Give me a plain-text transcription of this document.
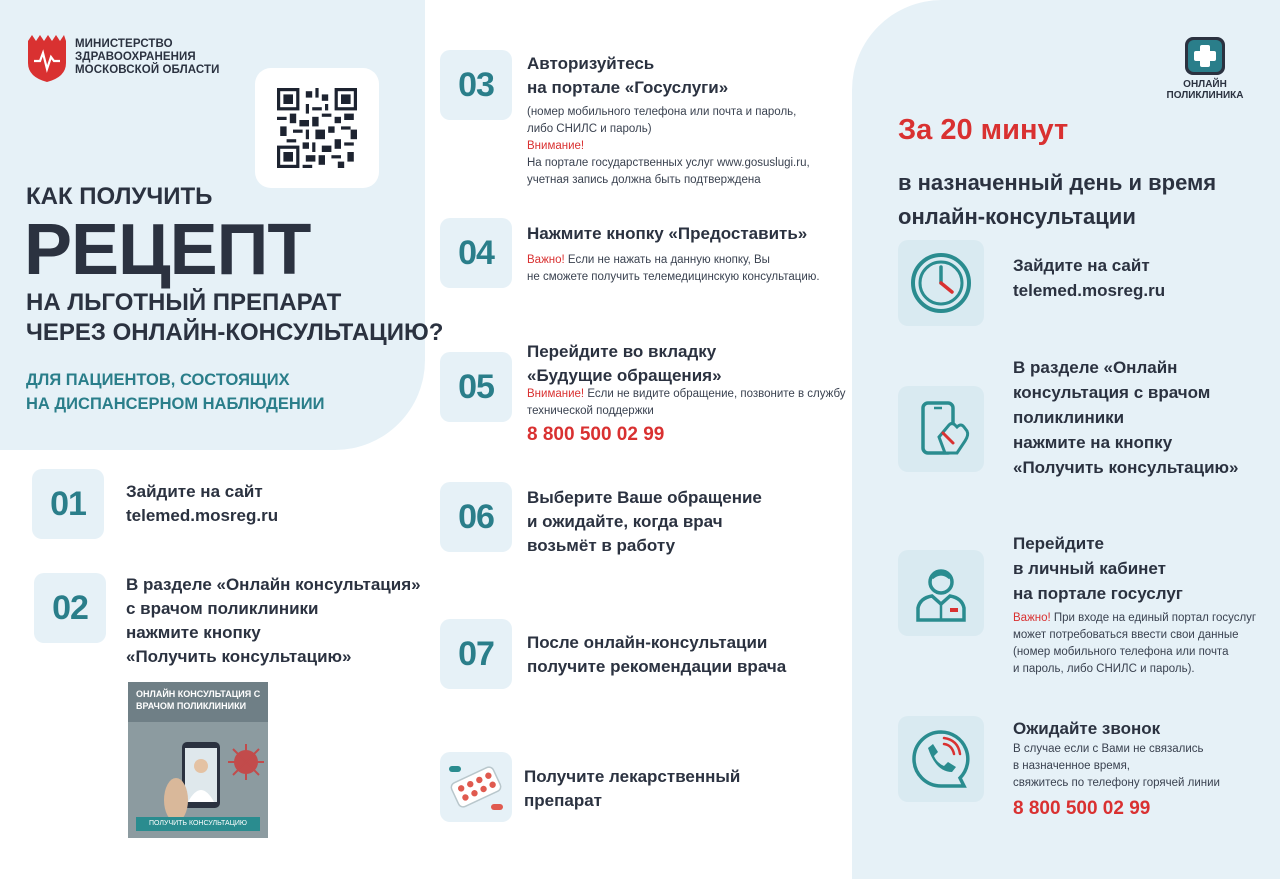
МИНИСТЕРСТВО
ЗДРАВООХРАНЕНИЯ
МОСКОВСКОЙ ОБЛАСТИ
КАК ПОЛУЧИТЬ
РЕЦЕПТ
НА ЛЬГОТНЫЙ ПРЕПАРАТ
ЧЕРЕЗ ОНЛАЙН-КОНСУЛЬТАЦИЮ?
ДЛЯ ПАЦИЕНТОВ, СОСТОЯЩИХ
НА ДИСПАНСЕРНОМ НАБЛЮДЕНИИ
01	Зайдите на сайт
telemed.mosreg.ru
02
В разделе «Онлайн консультация»
с врачом поликлиники
нажмите кнопку
«Получить консультацию»
ОНЛАЙН КОНСУЛЬТАЦИЯ С
ВРАЧОМ ПОЛИКЛИНИКИ
ПОЛУЧИТЬ КОНСУЛЬТАЦИЮ
03
Авторизуйтесь
на портале «Госуслуги»
(номер мобильного телефона или почта и пароль,
либо СНИЛС и пароль)
Внимание!
На портале государственных услуг www.gosuslugi.ru,
учетная запись должна быть подтверждена
04	Нажмите кнопку «Предоставить»
Важно! Если не нажать на данную кнопку, Вы
не сможете получить телемедицинскую консультацию.
05
Перейдите во вкладку
«Будущие обращения»
Внимание! Если не видите обращение, позвоните в службу
технической поддержки
8 800 500 02 99
06	Выберите Ваше обращение
и ожидайте, когда врач
возьмёт в работу
07	После онлайн-консультации
получите рекомендации врача
Получите лекарственный
препарат
ОНЛАЙН
ПОЛИКЛИНИКА
За 20 минут
в назначенный день и время
онлайн-консультации
Зайдите на сайт
telemed.mosreg.ru
В разделе «Онлайн
консультация с врачом
поликлиники
нажмите на кнопку
«Получить консультацию»
Перейдите
в личный кабинет
на портале госуслуг
Важно! При входе на единый портал госуслуг
может потребоваться ввести свои данные
(номер мобильного телефона или почта
и пароль, либо СНИЛС и пароль).
Ожидайте звонок
В случае если с Вами не связались
в назначенное время,
свяжитесь по телефону горячей линии
8 800 500 02 99
